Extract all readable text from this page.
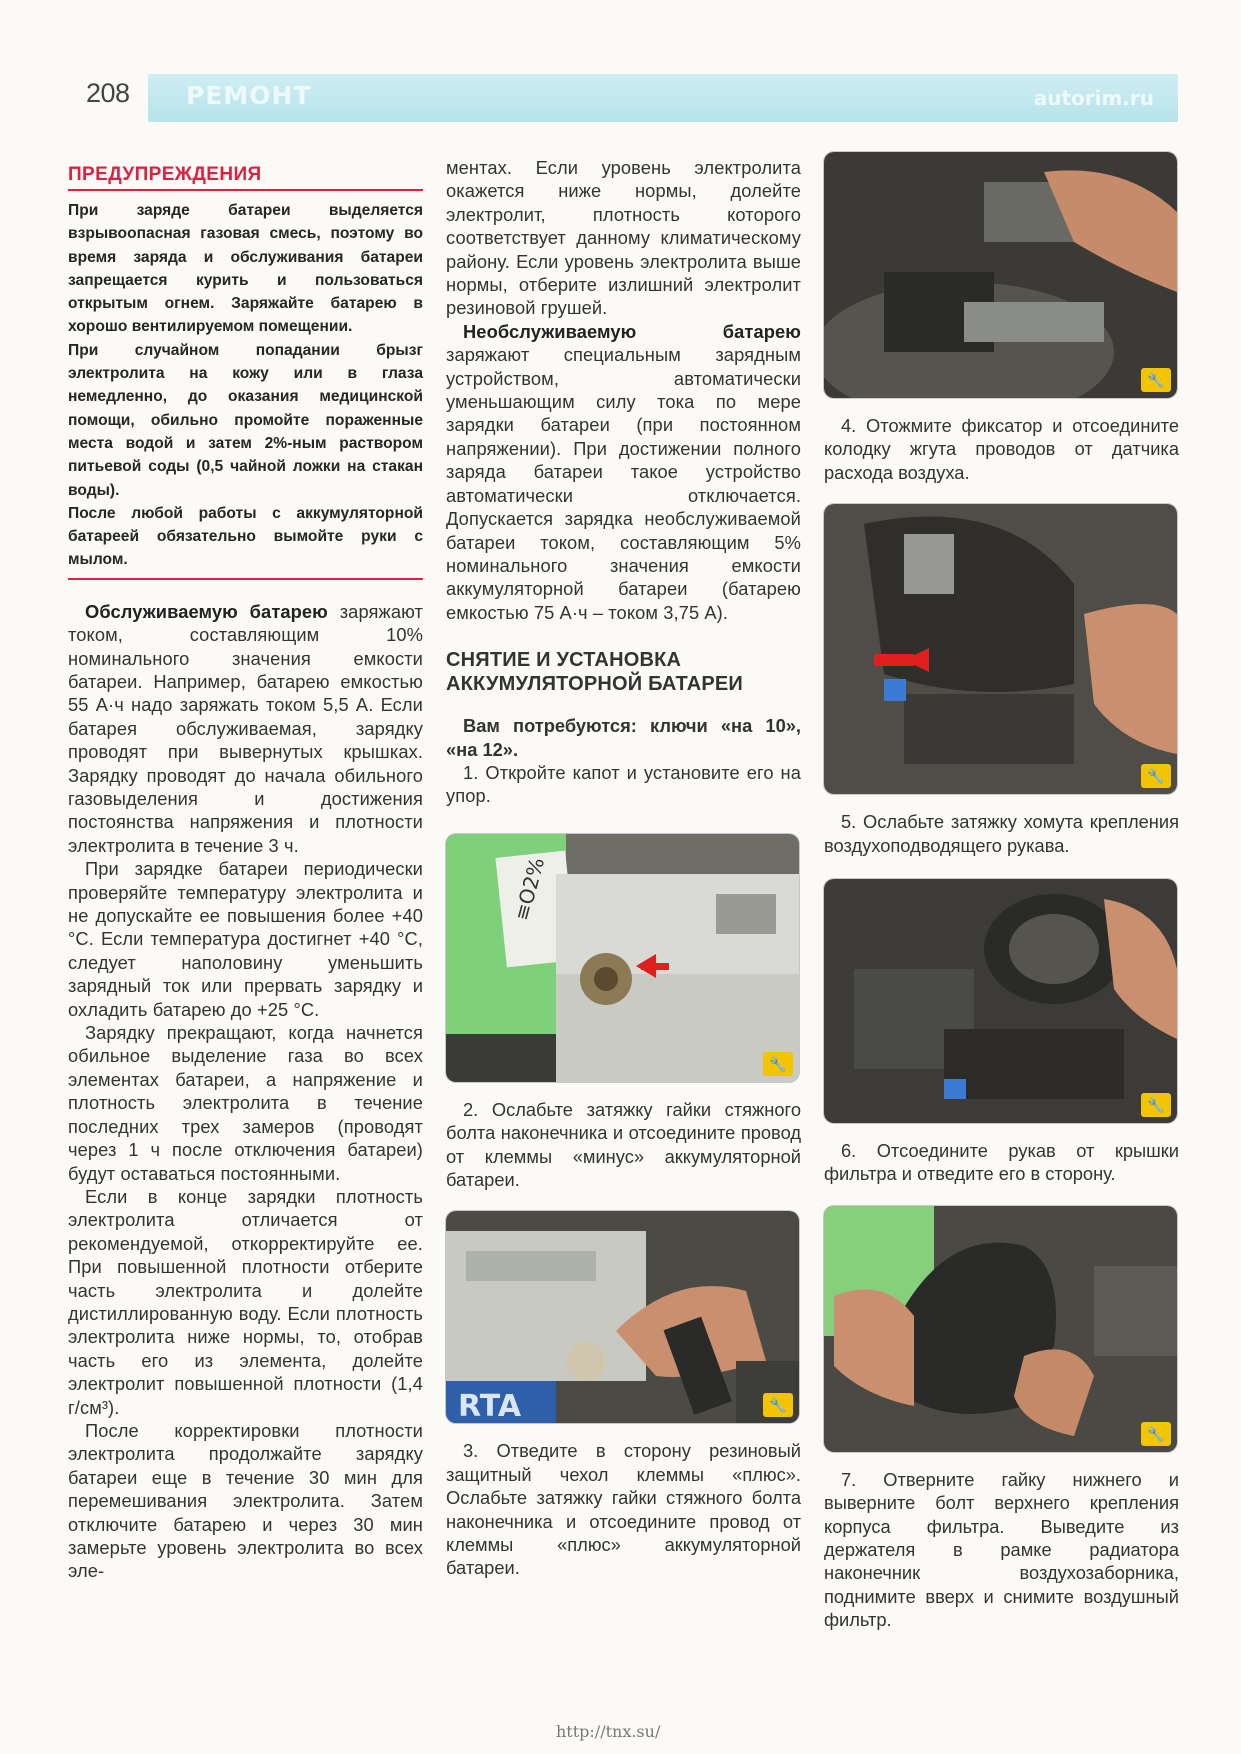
208 РЕМОНТ	autorim.ru
ПРЕДУПРЕЖДЕНИЯ

При заряде батареи выделяется взрывоопасная газовая смесь, поэтому во время заряда и обслуживания батареи запрещается курить и пользоваться открытым огнем. Заряжайте батарею в хорошо вентилируемом помещении.

При случайном попадании брызг электролита на кожу или в глаза немедленно, до оказания медицинской помощи, обильно промойте пораженные места водой и затем 2%-ным раствором питьевой соды (0,5 чайной ложки на стакан воды).

После любой работы с аккумуляторной батареей обязательно вымойте руки с мылом.

Обслуживаемую батарею заряжают током, составляющим 10% номинального значения емкости батареи. Например, батарею емкостью 55 А·ч надо заряжать током 5,5 А. Если батарея обслуживаемая, зарядку проводят при вывернутых крышках. Зарядку проводят до начала обильного газовыделения и достижения постоянства напряжения и плотности электролита в течение 3 ч.

При зарядке батареи периодически проверяйте температуру электролита и не допускайте ее повышения более +40 °С. Если температура достигнет +40 °С, следует наполовину уменьшить зарядный ток или прервать зарядку и охладить батарею до +25 °С.

Зарядку прекращают, когда начнется обильное выделение газа во всех элементах батареи, а напряжение и плотность электролита в течение последних трех замеров (проводят через 1 ч после отключения батареи) будут оставаться постоянными.

Если в конце зарядки плотность электролита отличается от рекомендуемой, откорректируйте ее. При повышенной плотности отберите часть электролита и долейте дистиллированную воду. Если плотность электролита ниже нормы, то, отобрав часть его из элемента, долейте электролит повышенной плотности (1,4 г/см³).

После корректировки плотности электролита продолжайте зарядку батареи еще в течение 30 мин для перемешивания электролита. Затем отключите батарею и через 30 мин замерьте уровень электролита во всех эле-

ментах. Если уровень электролита окажется ниже нормы, долейте электролит, плотность которого соответствует данному климатическому району. Если уровень электролита выше нормы, отберите излишний электролит резиновой грушей.

Необслуживаемую батарею заряжают специальным зарядным устройством, автоматически уменьшающим силу тока по мере зарядки батареи (при постоянном напряжении). При достижении полного заряда батареи такое устройство автоматически отключается. Допускается зарядка необслуживаемой батареи током, составляющим 5% номинального значения емкости аккумуляторной батареи (батарею емкостью 75 А·ч – током 3,75 А).

СНЯТИЕ И УСТАНОВКА
АККУМУЛЯТОРНОЙ БАТАРЕИ

Вам потребуются: ключи «на 10», «на 12».

1. Откройте капот и установите его на упор.

≡O2%
🔧

2. Ослабьте затяжку гайки стяжного болта наконечника и отсоедините провод от клеммы «минус» аккумуляторной батареи.

RTA	🔧

3. Отведите в сторону резиновый защитный чехол клеммы «плюс». Ослабьте затяжку гайки стяжного болта наконечника и отсоедините провод от клеммы «плюс» аккумуляторной батареи.

🔧

4. Отожмите фиксатор и отсоедините колодку жгута проводов от датчика расхода воздуха.

🔧

5. Ослабьте затяжку хомута крепления воздухоподводящего рукава.

🔧

6. Отсоедините рукав от крышки фильтра и отведите его в сторону.

🔧

7. Отверните гайку нижнего и выверните болт верхнего крепления корпуса фильтра. Выведите из держателя в рамке радиатора наконечник воздухозаборника, поднимите вверх и снимите воздушный фильтр.

http://tnx.su/
